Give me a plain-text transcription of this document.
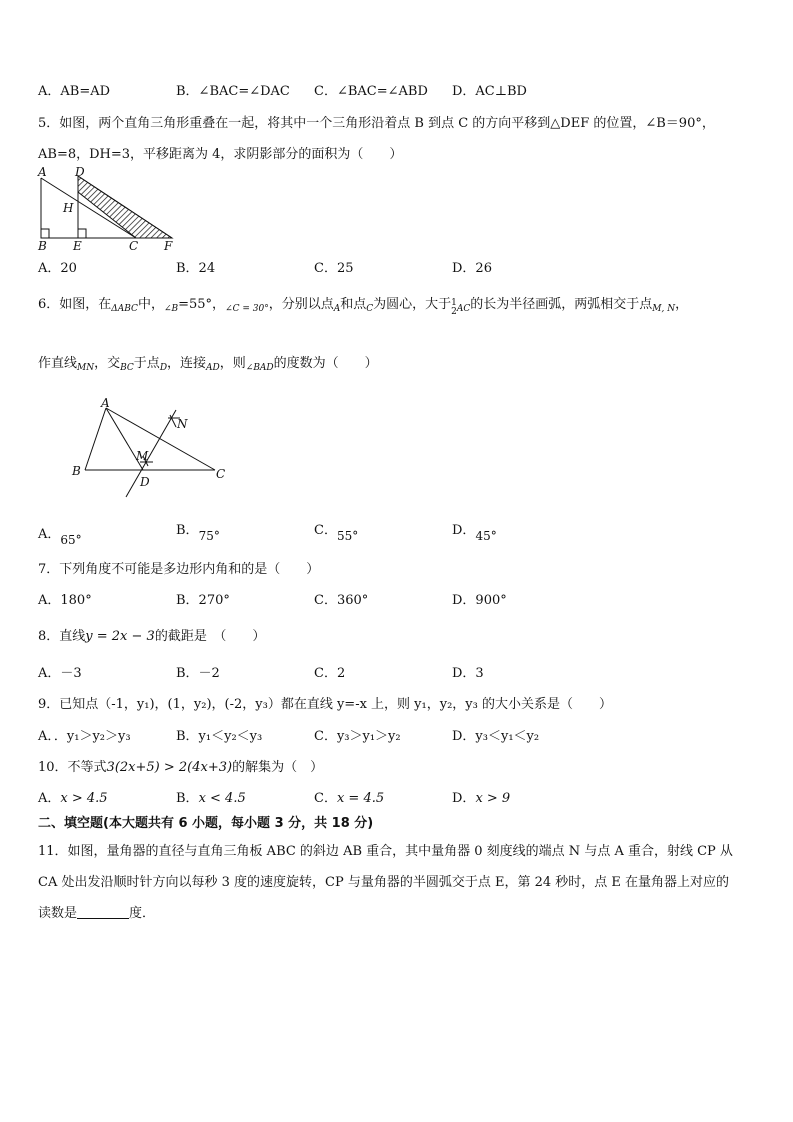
A．AB=AD	B．∠BAC=∠DAC C．∠BAC=∠ABD D．AC⊥BD
5．如图，两个直角三角形重叠在一起，将其中一个三角形沿着点 B 到点 C 的方向平移到△DEF 的位置，∠B＝90°，
AB=8，DH=3，平移距离为 4，求阴影部分的面积为（　　）
A D
H
B E	C F
A．20	B．24	C．25	D．26
6．如图，在$_{\Delta ABC}$中，$_{\angle B}$=55°，$_{\angle C = 30^\circ}$，分别以点$_A$和点$_C$为圆心，大于1
$2_{AC}$的长为半径画弧，两弧相交于点$_{M, N}$，
作直线$_{MN}$，交$_{BC}$于点$_D$，连接$_{AD}$，则$_{\angle BAD}$的度数为（　　）
A
B	C
D
M
N
A．65°
B．75°	C．55°	D．45°
7．下列角度不可能是多边形内角和的是（　　）
A．180°	B．270°	C．360°	D．900°
8．直线y = 2x − 3的截距是　（　　）
A．－3	B．－2	C．2	D．3
9．已知点（-1，y₁)，(1，y₂)，(-2，y₃）都在直线 y=-x 上，则 y₁，y₂，y₃ 的大小关系是（　　）
A．．y₁＞y₂＞y₃	B．y₁＜y₂＜y₃	C．y₃＞y₁＞y₂	D．y₃＜y₁＜y₂
10．不等式3(2x+5) > 2(4x+3)的解集为（　）
A．x > 4.5	B．x < 4.5	C．x = 4.5	D．x > 9
二、填空题(本大题共有 6 小题，每小题 3 分，共 18 分)
11．如图，量角器的直径与直角三角板 ABC 的斜边 AB 重合，其中量角器 0 刻度线的端点 N 与点 A 重合，射线 CP 从
CA 处出发沿顺时针方向以每秒 3 度的速度旋转，CP 与量角器的半圆弧交于点 E，第 24 秒时，点 E 在量角器上对应的
读数是	度．
